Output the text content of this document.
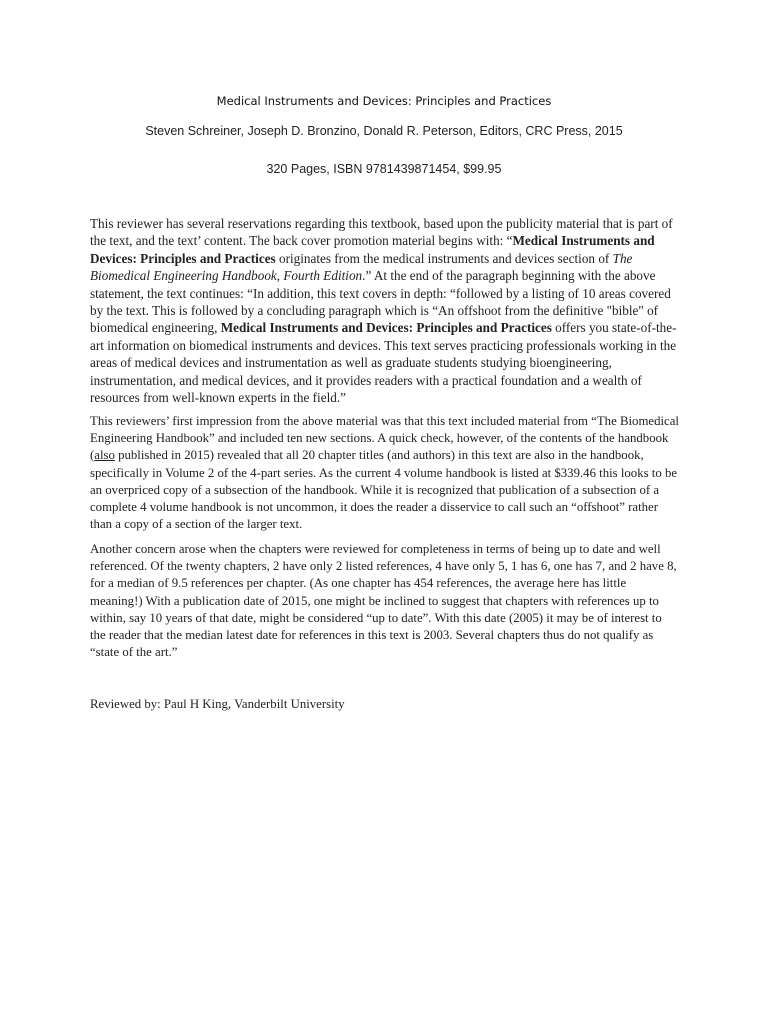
Medical Instruments and Devices: Principles and Practices
Steven Schreiner, Joseph D. Bronzino, Donald R. Peterson, Editors, CRC Press, 2015
320 Pages, ISBN 9781439871454, $99.95

This reviewer has several reservations regarding this textbook, based upon the publicity material that is part of the text, and the text’ content. The back cover promotion material begins with: “Medical Instruments and Devices: Principles and Practices originates from the medical instruments and devices section of The Biomedical Engineering Handbook, Fourth Edition.” At the end of the paragraph beginning with the above statement, the text continues: “In addition, this text covers in depth: “followed by a listing of 10 areas covered by the text. This is followed by a concluding paragraph which is “An offshoot from the definitive "bible" of biomedical engineering, Medical Instruments and Devices: Principles and Practices offers you state-of-the-art information on biomedical instruments and devices. This text serves practicing professionals working in the areas of medical devices and instrumentation as well as graduate students studying bioengineering, instrumentation, and medical devices, and it provides readers with a practical foundation and a wealth of resources from well-known experts in the field.”

This reviewers’ first impression from the above material was that this text included material from “The Biomedical Engineering Handbook” and included ten new sections. A quick check, however, of the contents of the handbook (also published in 2015) revealed that all 20 chapter titles (and authors) in this text are also in the handbook, specifically in Volume 2 of the 4-part series. As the current 4 volume handbook is listed at $339.46 this looks to be an overpriced copy of a subsection of the handbook. While it is recognized that publication of a subsection of a complete 4 volume handbook is not uncommon, it does the reader a disservice to call such an “offshoot” rather than a copy of a section of the larger text.

Another concern arose when the chapters were reviewed for completeness in terms of being up to date and well referenced. Of the twenty chapters, 2 have only 2 listed references, 4 have only 5, 1 has 6, one has 7, and 2 have 8, for a median of 9.5 references per chapter. (As one chapter has 454 references, the average here has little meaning!) With a publication date of 2015, one might be inclined to suggest that chapters with references up to within, say 10 years of that date, might be considered “up to date”. With this date (2005) it may be of interest to the reader that the median latest date for references in this text is 2003. Several chapters thus do not qualify as “state of the art.”

Reviewed by: Paul H King, Vanderbilt University
